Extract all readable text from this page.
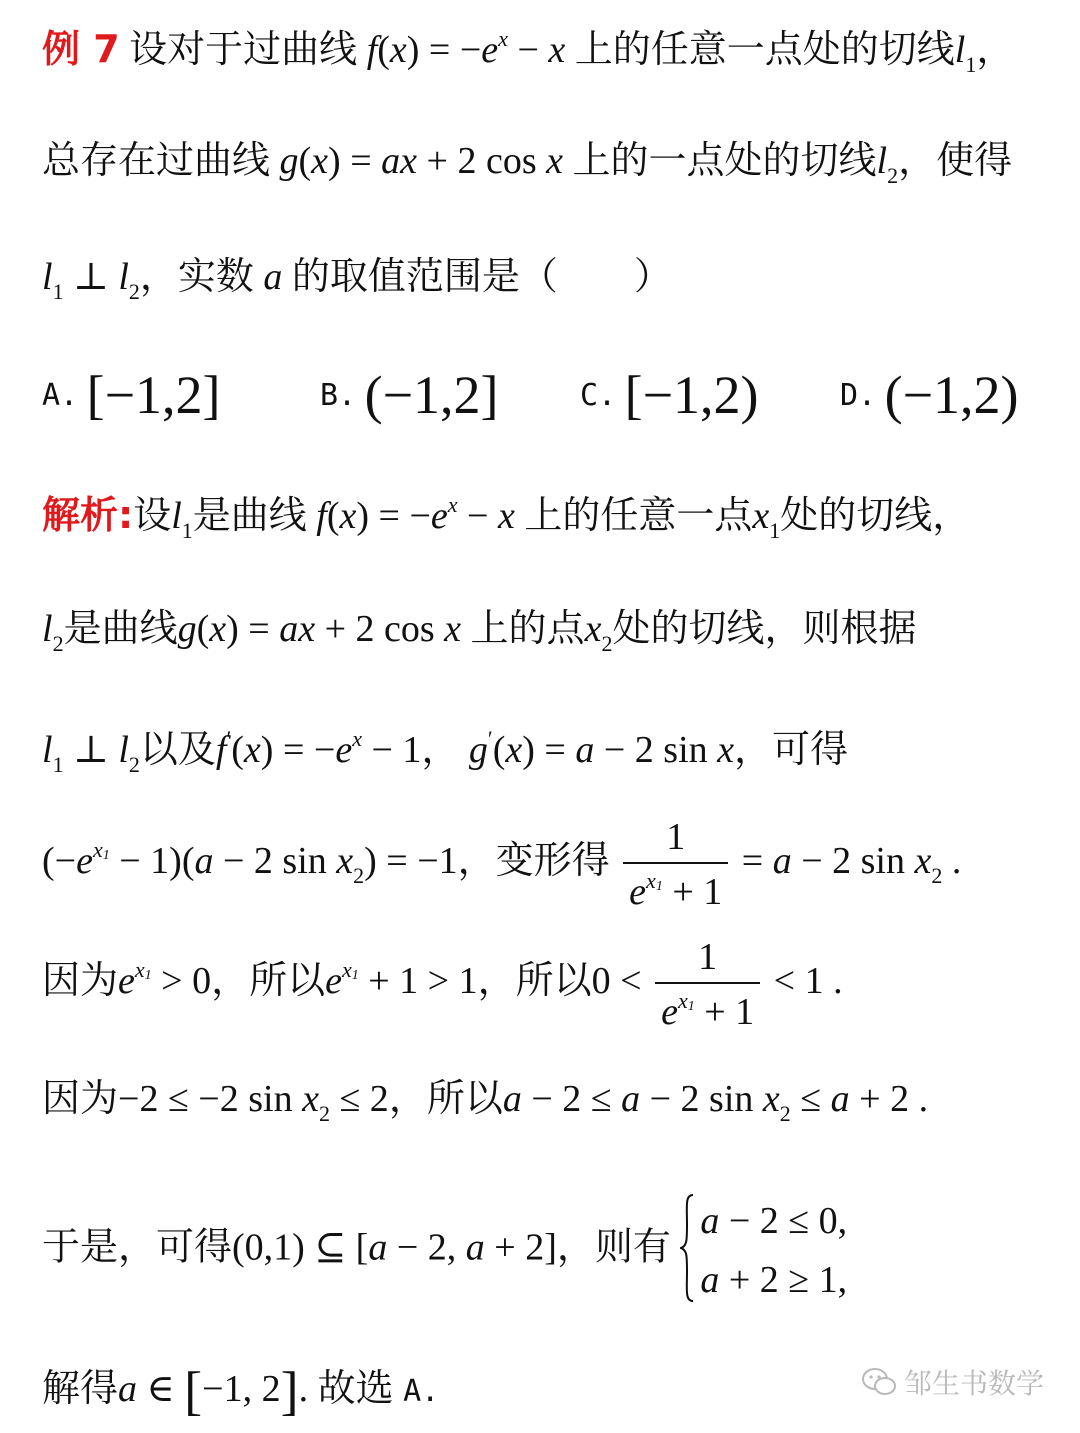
例 7 设对于过曲线 $f(x) = -e^x - x$ 上的任意一点处的切线$l_1$，
总存在过曲线 g(x) = ax + 2 cos x 上的一点处的切线$l_2$，使得
$l_1$ ⊥ $l_2$，实数 a 的取值范围是（　　）
A. [−1,2]	B. (−1,2]	C. [−1,2)	D. (−1,2)
解析:设$l_1$是曲线 $f(x) = -e^x - x$ 上的任意一点$x_1$处的切线，
$l_2$是曲线g(x) = ax + 2 cos x 上的点$x_2$处的切线，则根据
$l_1$ ⊥ $l_2$以及$f'(x) = -e^x - 1$， g′(x) = a − 2 sin x，可得
$(-e^{x1} - 1)(a - 2$ $\sin x_2) = -1$，变形得 $\frac{1}{e^{x1} + 1} = a - 2$ $\sin x_2$ .
因为$e^{x1} > 0$，所以$e^{x1} + 1 > 1$，所以$0 < \frac{1}{e^{x1} + 1} < 1$ .
因为−2 ≤ −2 $\sin x_2 \le 2$，所以a − 2 ≤ a − 2 $\sin x_2 \le a + 2$ .
于是，可得(0,1) ⊆ [a − 2, a + 2]，则有
a − 2 ≤ 0,
a + 2 ≥ 1,
解得a ∈ [−1, 2]. 故选 A.	邹生书数学
